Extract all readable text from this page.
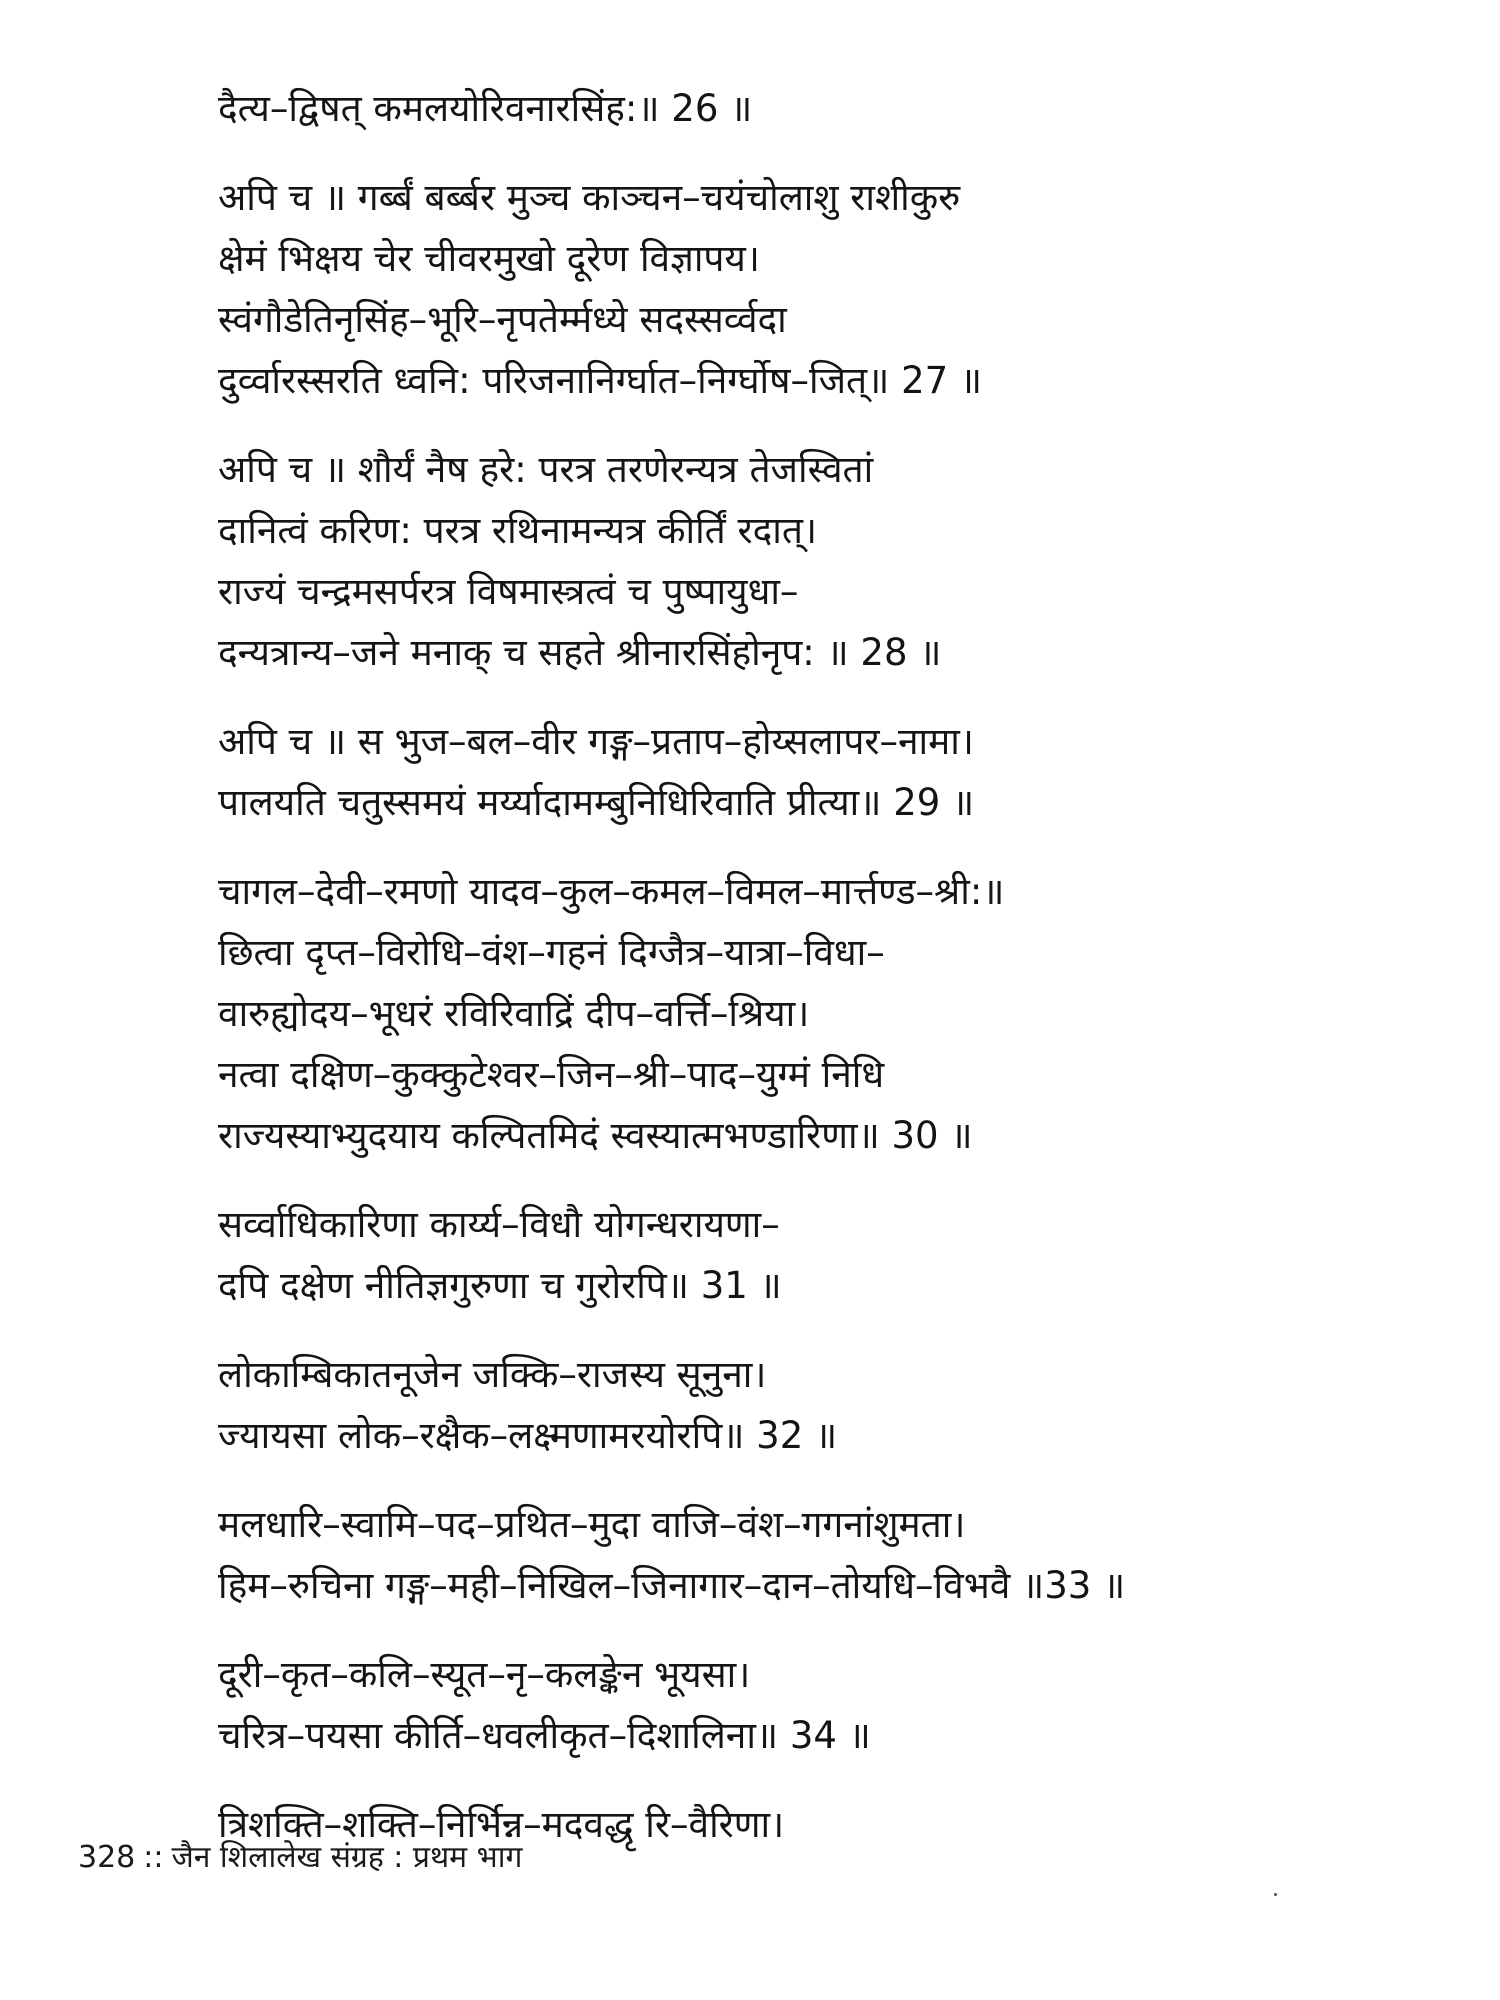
दैत्य–द्विषत् कमलयोरिवनारसिंह:॥ 26 ॥
अपि च ॥ गर्ब्बं बर्ब्बर मुञ्च काञ्चन–चयंचोलाशु राशीकुरु
क्षेमं भिक्षय चेर चीवरमुखो दूरेण विज्ञापय।
स्वंगौडेतिनृसिंह–भूरि–नृपतेर्म्मध्ये सदस्सर्व्वदा
दुर्व्वारस्सरति ध्वनि: परिजनानिर्ग्घात–निर्ग्घोष–जित्॥ 27 ॥
अपि च ॥ शौर्यं नैष हरे: परत्र तरणेरन्यत्र तेजस्वितां
दानित्वं करिण: परत्र रथिनामन्यत्र कीर्तिं रदात्।
राज्यं चन्द्रमसर्परत्र विषमास्त्रत्वं च पुष्पायुधा–
दन्यत्रान्य–जने मनाक् च सहते श्रीनारसिंहोनृप: ॥ 28 ॥
अपि च ॥ स भुज–बल–वीर गङ्ग–प्रताप–होय्सलापर–नामा।
पालयति चतुस्समयं मर्य्यादामम्बुनिधिरिवाति प्रीत्या॥ 29 ॥
चागल–देवी–रमणो यादव–कुल–कमल–विमल–मार्त्तण्ड–श्री:॥
छित्वा दृप्त–विरोधि–वंश–गहनं दिग्जैत्र–यात्रा–विधा–
वारुह्योदय–भूधरं रविरिवाद्रिं दीप–वर्त्ति–श्रिया।
नत्वा दक्षिण–कुक्कुटेश्वर–जिन–श्री–पाद–युग्मं निधि
राज्यस्याभ्युदयाय कल्पितमिदं स्वस्यात्मभण्डारिणा॥ 30 ॥
सर्व्वाधिकारिणा कार्य्य–विधौ योगन्धरायणा–
दपि दक्षेण नीतिज्ञगुरुणा च गुरोरपि॥ 31 ॥
लोकाम्बिकातनूजेन जक्कि–राजस्य सूनुना।
ज्यायसा लोक–रक्षैक–लक्ष्मणामरयोरपि॥ 32 ॥
मलधारि–स्वामि–पद–प्रथित–मुदा वाजि–वंश–गगनांशुमता।
हिम–रुचिना गङ्ग–मही–निखिल–जिनागार–दान–तोयधि–विभवै ॥33 ॥
दूरी–कृत–कलि–स्यूत–नृ–कलङ्केन भूयसा।
चरित्र–पयसा कीर्ति–धवलीकृत–दिशालिना॥ 34 ॥
त्रिशक्ति–शक्ति–निर्भिन्न–मदवद्धृ रि–वैरिणा।
328 :: जैन शिलालेख संग्रह : प्रथम भाग
